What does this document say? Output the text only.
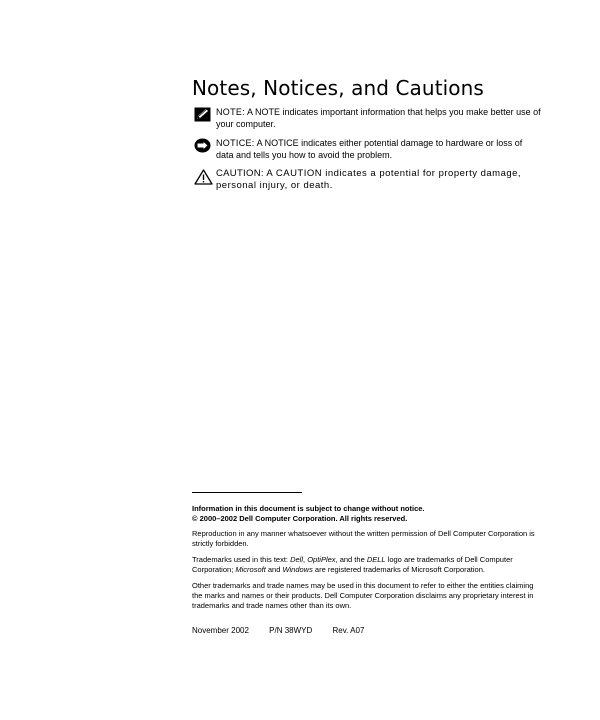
Notes, Notices, and Cautions
NOTE: A NOTE indicates important information that helps you make better use of your computer.
NOTICE: A NOTICE indicates either potential damage to hardware or loss of data and tells you how to avoid the problem.
CAUTION: A CAUTION indicates a potential for property damage, personal injury, or death.

Information in this document is subject to change without notice.
© 2000–2002 Dell Computer Corporation. All rights reserved.

Reproduction in any manner whatsoever without the written permission of Dell Computer Corporation is strictly forbidden.

Trademarks used in this text: Dell, OptiPlex, and the DELL logo are trademarks of Dell Computer Corporation; Microsoft and Windows are registered trademarks of Microsoft Corporation.

Other trademarks and trade names may be used in this document to refer to either the entities claiming the marks and names or their products. Dell Computer Corporation disclaims any proprietary interest in trademarks and trade names other than its own.

November 2002	P/N 38WYD	Rev. A07
